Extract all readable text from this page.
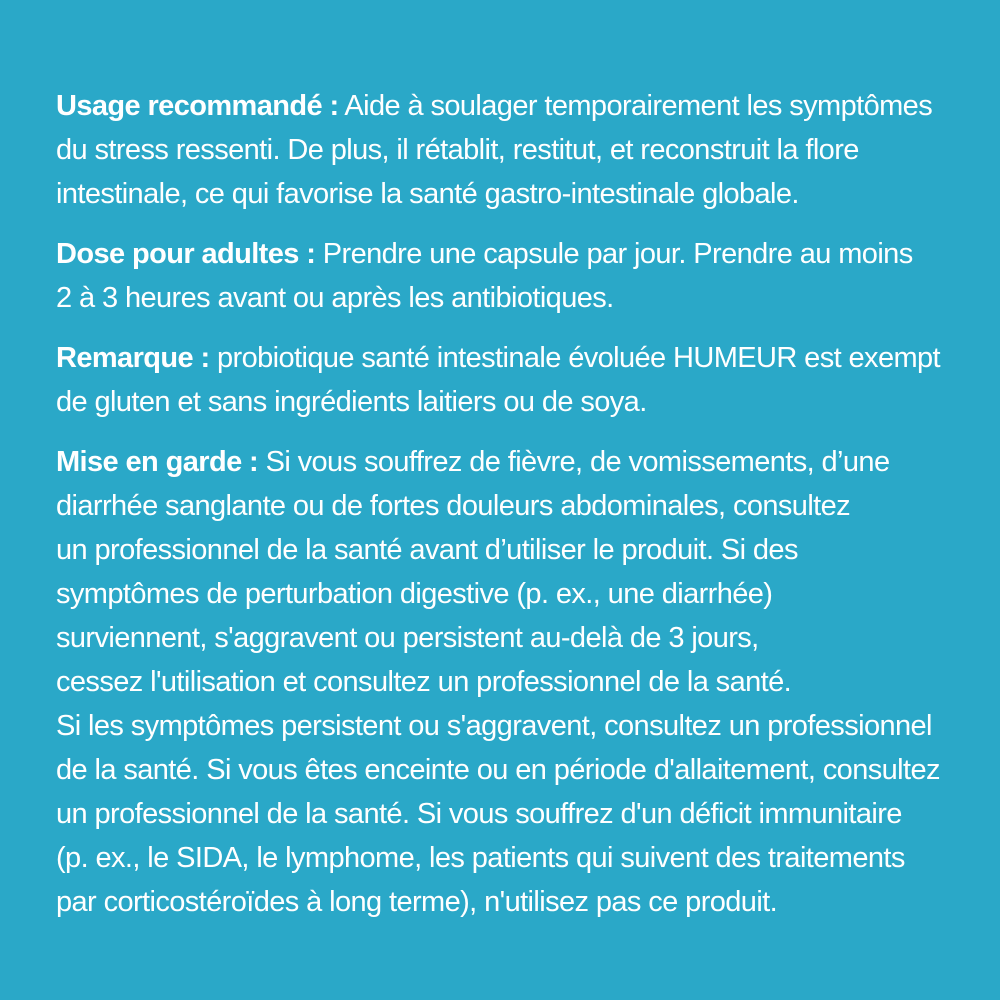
Usage recommandé : Aide à soulager temporairement les symptômes
du stress ressenti. De plus, il rétablit, restitut, et reconstruit la flore
intestinale, ce qui favorise la santé gastro-intestinale globale.
Dose pour adultes : Prendre une capsule par jour. Prendre au moins
2 à 3 heures avant ou après les antibiotiques.
Remarque : probiotique santé intestinale évoluée HUMEUR est exempt
de gluten et sans ingrédients laitiers ou de soya.
Mise en garde : Si vous souffrez de fièvre, de vomissements, d’une
diarrhée sanglante ou de fortes douleurs abdominales, consultez
un professionnel de la santé avant d’utiliser le produit. Si des
symptômes de perturbation digestive (p. ex., une diarrhée)
surviennent, s'aggravent ou persistent au-delà de 3 jours,
cessez l'utilisation et consultez un professionnel de la santé.
Si les symptômes persistent ou s'aggravent, consultez un professionnel
de la santé. Si vous êtes enceinte ou en période d'allaitement, consultez
un professionnel de la santé. Si vous souffrez d'un déficit immunitaire
(p. ex., le SIDA, le lymphome, les patients qui suivent des traitements
par corticostéroïdes à long terme), n'utilisez pas ce produit.
